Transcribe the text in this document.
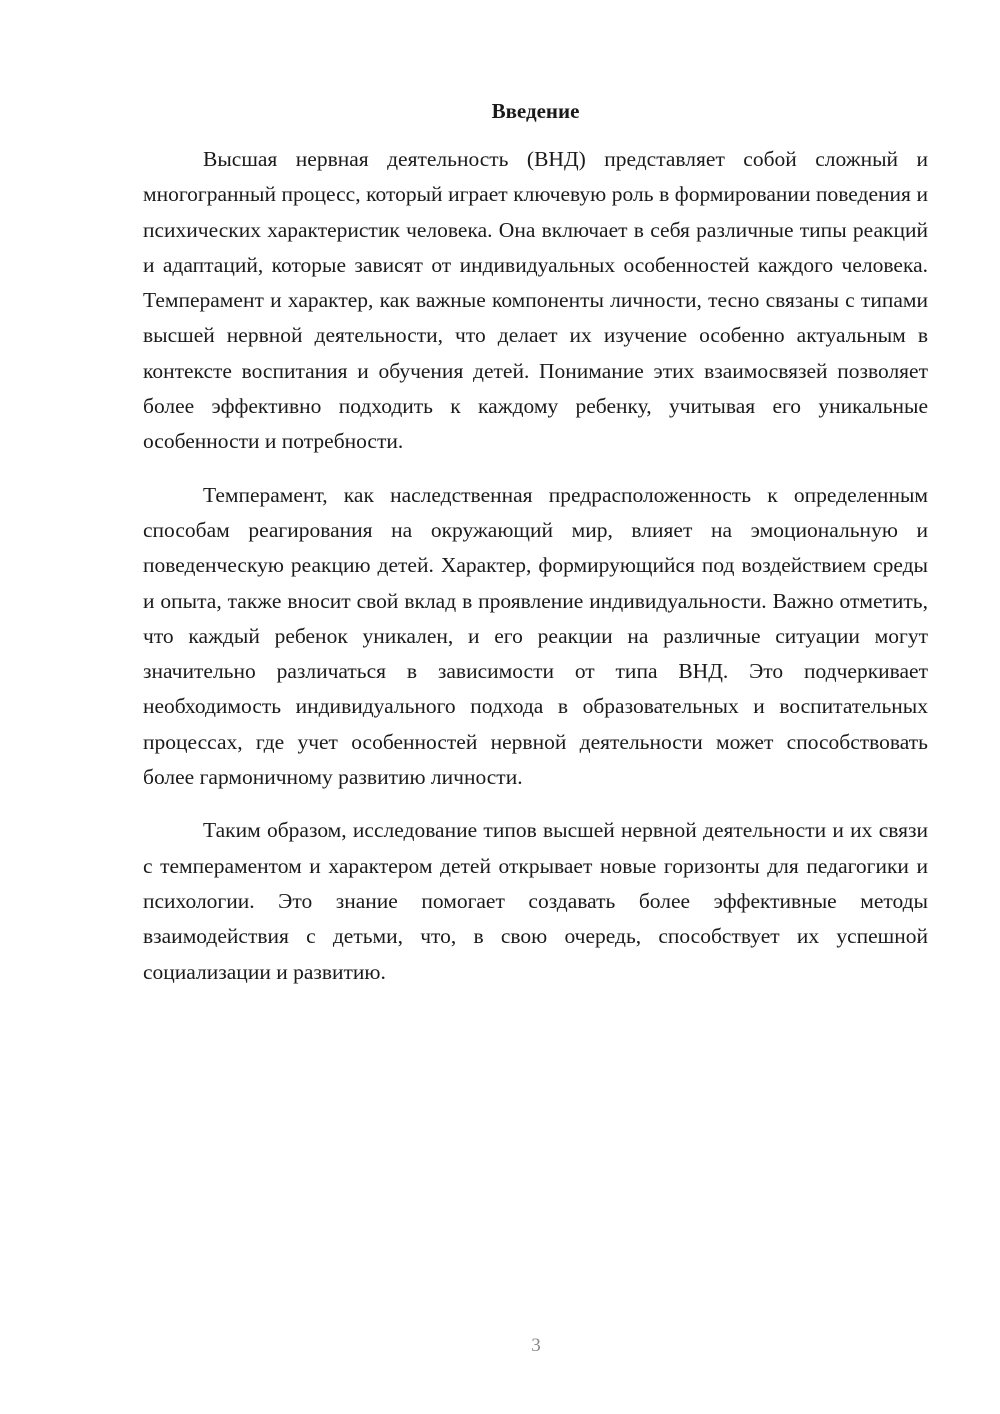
Введение

Высшая нервная деятельность (ВНД) представляет собой сложный и многогранный процесс, который играет ключевую роль в формировании поведения и психических характеристик человека. Она включает в себя различные типы реакций и адаптаций, которые зависят от индивидуальных особенностей каждого человека. Темперамент и характер, как важные компоненты личности, тесно связаны с типами высшей нервной деятельности, что делает их изучение особенно актуальным в контексте воспитания и обучения детей. Понимание этих взаимосвязей позволяет более эффективно подходить к каждому ребенку, учитывая его уникальные особенности и потребности.

Темперамент, как наследственная предрасположенность к определенным способам реагирования на окружающий мир, влияет на эмоциональную и поведенческую реакцию детей. Характер, формирующийся под воздействием среды и опыта, также вносит свой вклад в проявление индивидуальности. Важно отметить, что каждый ребенок уникален, и его реакции на различные ситуации могут значительно различаться в зависимости от типа ВНД. Это подчеркивает необходимость индивидуального подхода в образовательных и воспитательных процессах, где учет особенностей нервной деятельности может способствовать более гармоничному развитию личности.

Таким образом, исследование типов высшей нервной деятельности и их связи с темпераментом и характером детей открывает новые горизонты для педагогики и психологии. Это знание помогает создавать более эффективные методы взаимодействия с детьми, что, в свою очередь, способствует их успешной социализации и развитию.

3
